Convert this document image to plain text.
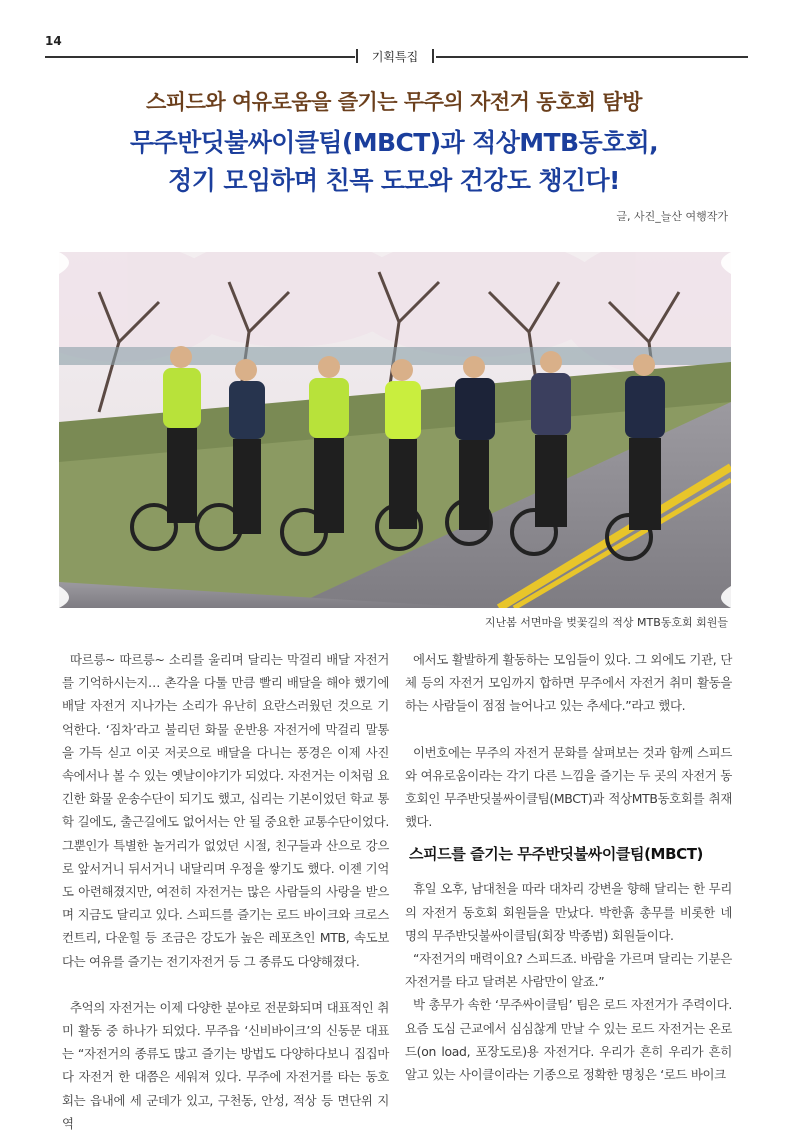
14
기획특집
스피드와 여유로움을 즐기는 무주의 자전거 동호회 탐방
무주반딧불싸이클팀(MBCT)과 적상MTB동호회,
정기 모임하며 친목 도모와 건강도 챙긴다!
글, 사진_늘산 여행작가
지난봄 서면마을 벚꽃길의 적상 MTB동호회 회원들

따르릉~ 따르릉~ 소리를 울리며 달리는 막걸리 배달 자전거를 기억하시는지… 촌각을 다툴 만큼 빨리 배달을 해야 했기에 배달 자전거 지나가는 소리가 유난히 요란스러웠던 것으로 기억한다. ‘짐차’라고 불리던 화물 운반용 자전거에 막걸리 말통을 가득 싣고 이곳 저곳으로 배달을 다니는 풍경은 이제 사진 속에서나 볼 수 있는 옛날이야기가 되었다. 자전거는 이처럼 요긴한 화물 운송수단이 되기도 했고, 십리는 기본이었던 학교 통학 길에도, 출근길에도 없어서는 안 될 중요한 교통수단이었다. 그뿐인가 특별한 놀거리가 없었던 시절, 친구들과 산으로 강으로 앞서거니 뒤서거니 내달리며 우정을 쌓기도 했다. 이젠 기억도 아련해졌지만, 여전히 자전거는 많은 사람들의 사랑을 받으며 지금도 달리고 있다. 스피드를 즐기는 로드 바이크와 크로스컨트리, 다운힐 등 조금은 강도가 높은 레포츠인 MTB, 속도보다는 여유를 즐기는 전기자전거 등 그 종류도 다양해졌다.

추억의 자전거는 이제 다양한 분야로 전문화되며 대표적인 취미 활동 중 하나가 되었다. 무주읍 ‘신비바이크’의 신동문 대표는 “자전거의 종류도 많고 즐기는 방법도 다양하다보니 집집마다 자전거 한 대쯤은 세워져 있다. 무주에 자전거를 타는 동호회는 읍내에 세 군데가 있고, 구천동, 안성, 적상 등 면단위 지역

에서도 활발하게 활동하는 모임들이 있다. 그 외에도 기관, 단체 등의 자전거 모임까지 합하면 무주에서 자전거 취미 활동을 하는 사람들이 점점 늘어나고 있는 추세다.”라고 했다.

이번호에는 무주의 자전거 문화를 살펴보는 것과 함께 스피드와 여유로움이라는 각기 다른 느낌을 즐기는 두 곳의 자전거 동호회인 무주반딧불싸이클팀(MBCT)과 적상MTB동호회를 취재했다.

스피드를 즐기는 무주반딧불싸이클팀(MBCT)

휴일 오후, 남대천을 따라 대차리 강변을 향해 달리는 한 무리의 자전거 동호회 회원들을 만났다. 박한흙 총무를 비롯한 네 명의 무주반딧불싸이클팀(회장 박종범) 회원들이다.

“자전거의 매력이요? 스피드죠. 바람을 가르며 달리는 기분은 자전거를 타고 달려본 사람만이 알죠.”

박 총무가 속한 ‘무주싸이클팀’ 팀은 로드 자전거가 주력이다. 요즘 도심 근교에서 심심찮게 만날 수 있는 로드 자전거는 온로드(on load, 포장도로)용 자전거다. 우리가 흔히 우리가 흔히 알고 있는 사이클이라는 기종으로 정확한 명칭은 ‘로드 바이크
